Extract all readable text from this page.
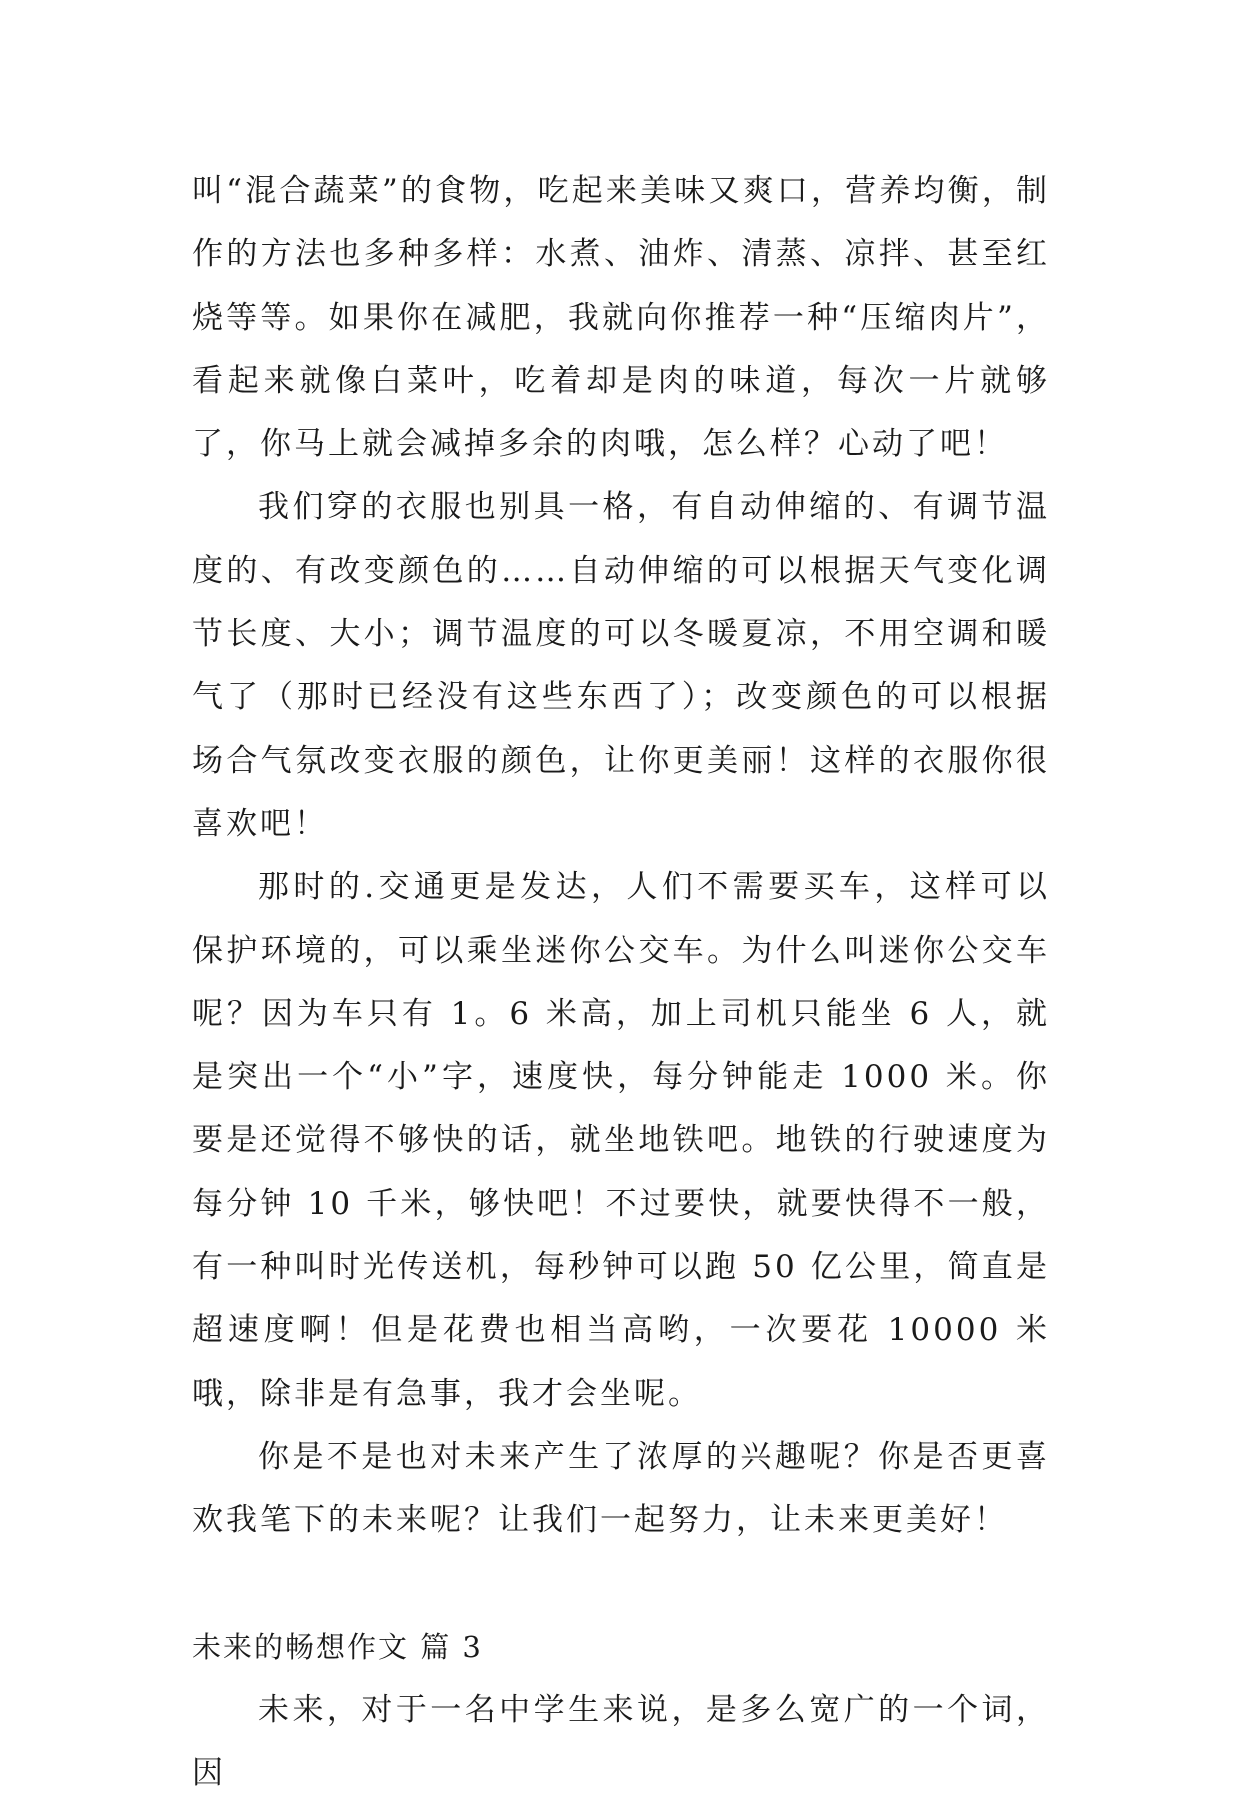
叫“混合蔬菜”的食物，吃起来美味又爽口，营养均衡，制作的方法也多种多样：水煮、油炸、清蒸、凉拌、甚至红烧等等。如果你在减肥，我就向你推荐一种“压缩肉片”，看起来就像白菜叶，吃着却是肉的味道，每次一片就够了，你马上就会减掉多余的肉哦，怎么样？心动了吧！

我们穿的衣服也别具一格，有自动伸缩的、有调节温度的、有改变颜色的……自动伸缩的可以根据天气变化调节长度、大小；调节温度的可以冬暖夏凉，不用空调和暖气了（那时已经没有这些东西了）；改变颜色的可以根据场合气氛改变衣服的颜色，让你更美丽！这样的衣服你很喜欢吧！

那时的.交通更是发达，人们不需要买车，这样可以保护环境的，可以乘坐迷你公交车。为什么叫迷你公交车呢？因为车只有 1。6 米高，加上司机只能坐 6 人，就是突出一个“小”字，速度快，每分钟能走 1000 米。你要是还觉得不够快的话，就坐地铁吧。地铁的行驶速度为每分钟 10 千米，够快吧！不过要快，就要快得不一般，有一种叫时光传送机，每秒钟可以跑 50 亿公里，简直是超速度啊！但是花费也相当高哟，一次要花 10000 米哦，除非是有急事，我才会坐呢。

你是不是也对未来产生了浓厚的兴趣呢？你是否更喜欢我笔下的未来呢？让我们一起努力，让未来更美好！

未来的畅想作文 篇 3

未来，对于一名中学生来说，是多么宽广的一个词，因
